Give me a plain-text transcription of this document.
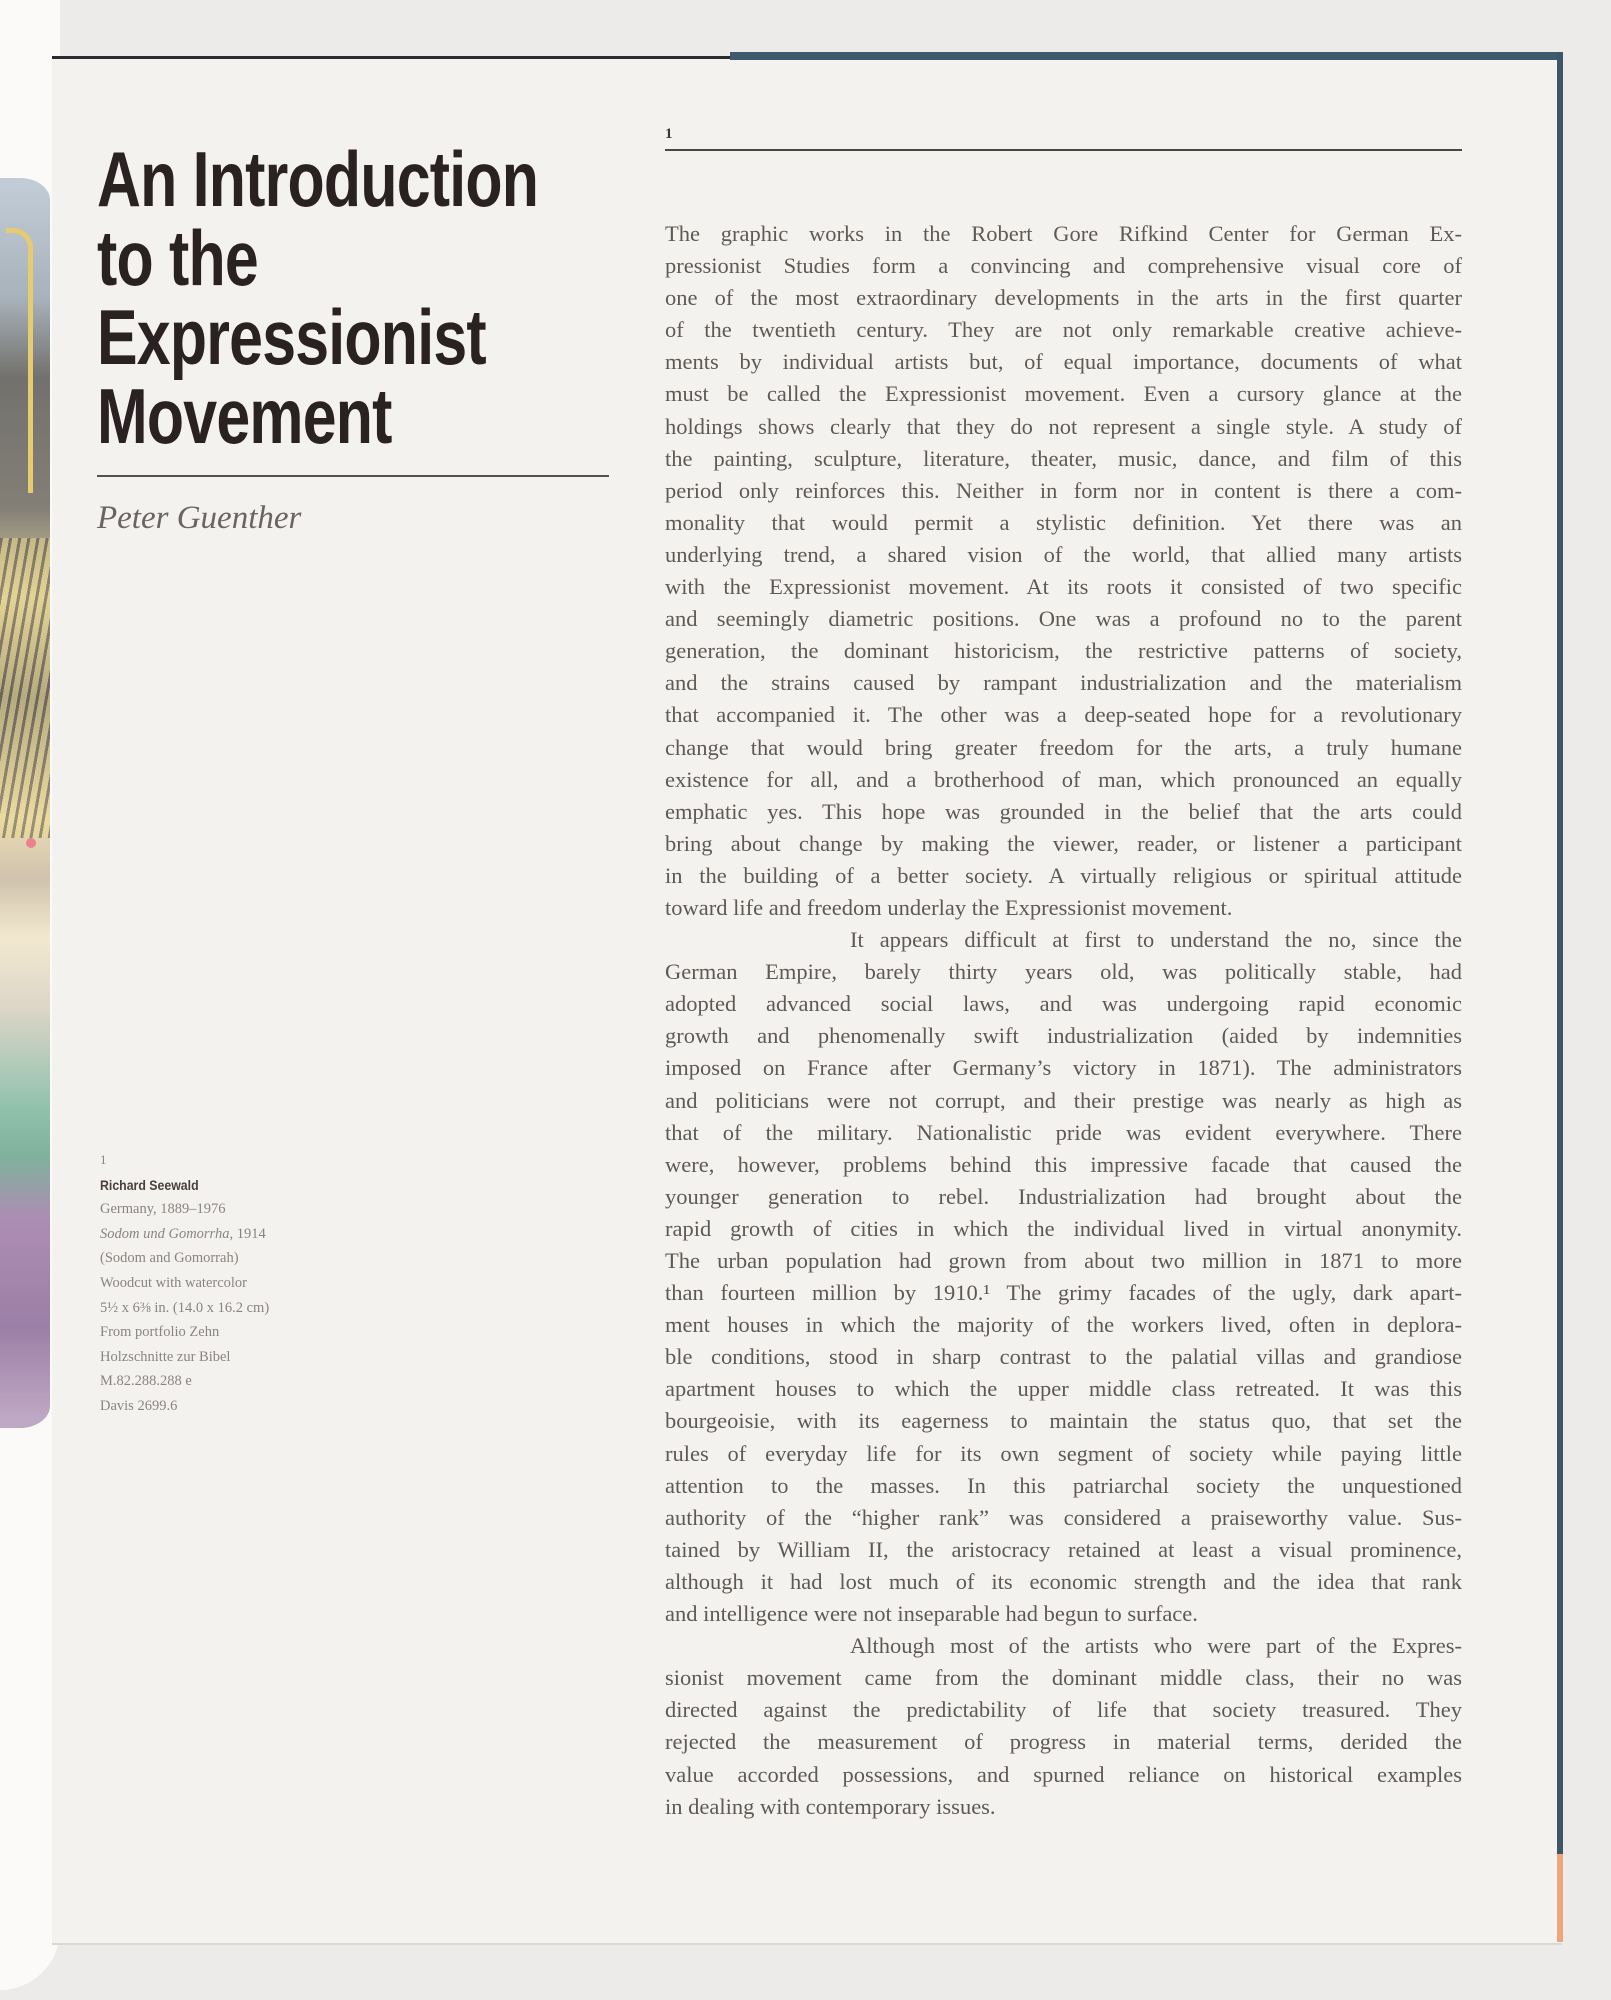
An Introduction
to the
Expressionist
Movement
Peter Guenther
1
The graphic works in the Robert Gore Rifkind Center for German Ex-
pressionist Studies form a convincing and comprehensive visual core of
one of the most extraordinary developments in the arts in the first quarter
of the twentieth century. They are not only remarkable creative achieve-
ments by individual artists but, of equal importance, documents of what
must be called the Expressionist movement. Even a cursory glance at the
holdings shows clearly that they do not represent a single style. A study of
the painting, sculpture, literature, theater, music, dance, and film of this
period only reinforces this. Neither in form nor in content is there a com-
monality that would permit a stylistic definition. Yet there was an
underlying trend, a shared vision of the world, that allied many artists
with the Expressionist movement. At its roots it consisted of two specific
and seemingly diametric positions. One was a profound no to the parent
generation, the dominant historicism, the restrictive patterns of society,
and the strains caused by rampant industrialization and the materialism
that accompanied it. The other was a deep-seated hope for a revolutionary
change that would bring greater freedom for the arts, a truly humane
existence for all, and a brotherhood of man, which pronounced an equally
emphatic yes. This hope was grounded in the belief that the arts could
bring about change by making the viewer, reader, or listener a participant
in the building of a better society. A virtually religious or spiritual attitude
toward life and freedom underlay the Expressionist movement.
It appears difficult at first to understand the no, since the
German Empire, barely thirty years old, was politically stable, had
adopted advanced social laws, and was undergoing rapid economic
growth and phenomenally swift industrialization (aided by indemnities
imposed on France after Germany’s victory in 1871). The administrators
and politicians were not corrupt, and their prestige was nearly as high as
that of the military. Nationalistic pride was evident everywhere. There
were, however, problems behind this impressive facade that caused the
younger generation to rebel. Industrialization had brought about the
rapid growth of cities in which the individual lived in virtual anonymity.
The urban population had grown from about two million in 1871 to more
than fourteen million by 1910.¹ The grimy facades of the ugly, dark apart-
ment houses in which the majority of the workers lived, often in deplora-
ble conditions, stood in sharp contrast to the palatial villas and grandiose
apartment houses to which the upper middle class retreated. It was this
bourgeoisie, with its eagerness to maintain the status quo, that set the
rules of everyday life for its own segment of society while paying little
attention to the masses. In this patriarchal society the unquestioned
authority of the “higher rank” was considered a praiseworthy value. Sus-
tained by William II, the aristocracy retained at least a visual prominence,
although it had lost much of its economic strength and the idea that rank
and intelligence were not inseparable had begun to surface.
Although most of the artists who were part of the Expres-
sionist movement came from the dominant middle class, their no was
directed against the predictability of life that society treasured. They
rejected the measurement of progress in material terms, derided the
value accorded possessions, and spurned reliance on historical examples
in dealing with contemporary issues.
1
Richard Seewald
Germany, 1889–1976
Sodom und Gomorrha, 1914
(Sodom and Gomorrah)
Woodcut with watercolor
5½ x 6⅜ in. (14.0 x 16.2 cm)
From portfolio Zehn
Holzschnitte zur Bibel
M.82.288.288 e
Davis 2699.6
